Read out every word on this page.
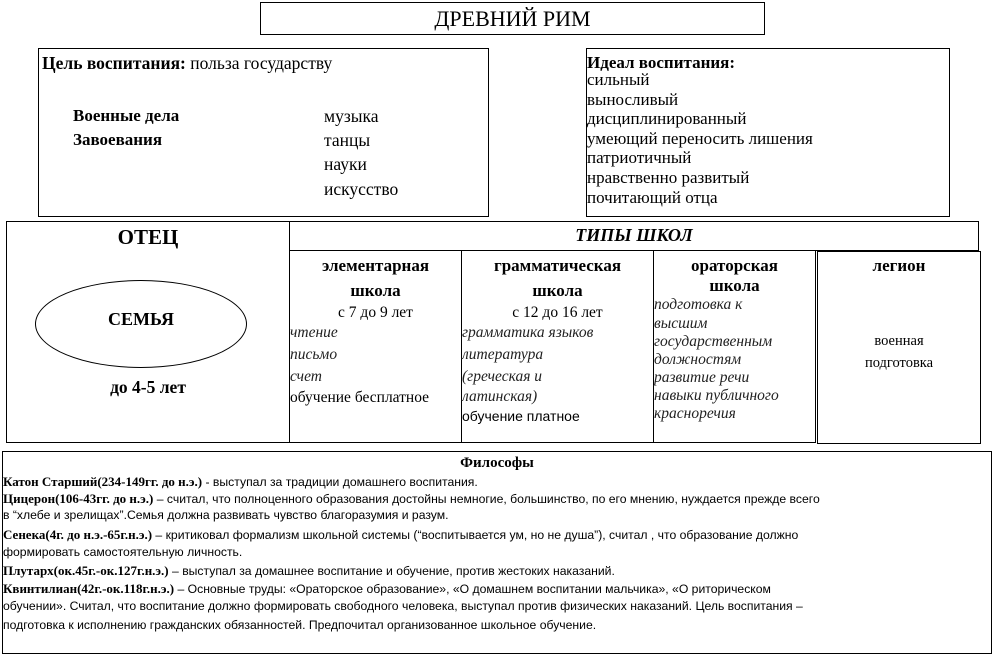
ДРЕВНИЙ РИМ
Цель воспитания: польза государству
Военные дела
Завоевания
музыка
танцы
науки
искусство
Идеал воспитания:
сильный
выносливый
дисциплинированный
умеющий переносить лишения
патриотичный
нравственно развитый
почитающий отца
ОТЕЦ
СЕМЬЯ
до 4-5 лет
ТИПЫ ШКОЛ
элементарная
школа
с 7 до 9 лет
чтение
письмо
счет
обучение бесплатное
грамматическая
школа
с 12 до 16 лет
грамматика языков
литература
(греческая и
латинская)
обучение платное
ораторская
школа
подготовка к
высшим
государственным
должностям
развитие речи
навыки публичного
красноречия
легион
военная
подготовка
Философы
Катон Старший(234-149гг. до н.э.) - выступал за традиции домашнего воспитания.
Цицерон(106-43гг. до н.э.) – считал, что полноценного образования достойны немногие, большинство, по его мнению, нуждается прежде всего
в “хлебе и зрелищах”.Семья должна развивать чувство благоразумия и разум.
Сенека(4г. до н.э.-65г.н.э.) – критиковал формализм школьной системы (“воспитывается ум, но не душа”), считал , что образование должно
формировать самостоятельную личность.
Плутарх(ок.45г.-ок.127г.н.э.) – выступал за домашнее воспитание и обучение, против жестоких наказаний.
Квинтилиан(42г.-ок.118г.н.э.) – Основные труды: «Ораторское образование», «О домашнем воспитании мальчика», «О риторическом
обучении». Считал, что воспитание должно формировать свободного человека, выступал против физических наказаний. Цель воспитания –
подготовка к исполнению гражданских обязанностей. Предпочитал организованное школьное обучение.
